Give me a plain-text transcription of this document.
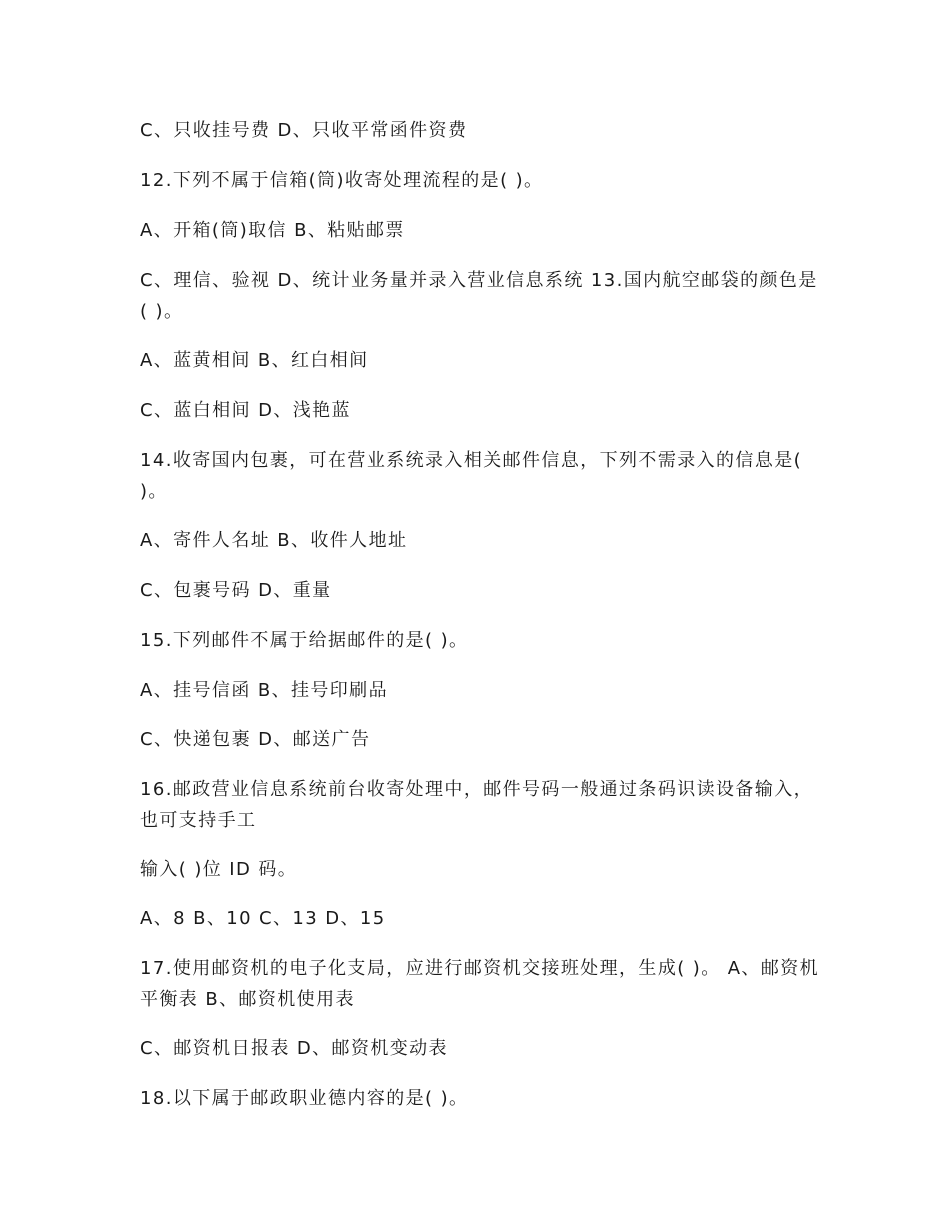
C、只收挂号费 D、只收平常函件资费
12.下列不属于信箱(筒)收寄处理流程的是( )。
A、开箱(筒)取信 B、粘贴邮票
C、理信、验视 D、统计业务量并录入营业信息系统 13.国内航空邮袋的颜色是( )。
A、蓝黄相间 B、红白相间
C、蓝白相间 D、浅艳蓝
14.收寄国内包裹，可在营业系统录入相关邮件信息，下列不需录入的信息是( )。
A、寄件人名址 B、收件人地址
C、包裹号码 D、重量
15.下列邮件不属于给据邮件的是( )。
A、挂号信函 B、挂号印刷品
C、快递包裹 D、邮送广告
16.邮政营业信息系统前台收寄处理中，邮件号码一般通过条码识读设备输入，也可支持手工
输入( )位 ID 码。
A、8 B、10 C、13 D、15
17.使用邮资机的电子化支局，应进行邮资机交接班处理，生成( )。 A、邮资机平衡表 B、邮资机使用表
C、邮资机日报表 D、邮资机变动表
18.以下属于邮政职业德内容的是( )。
